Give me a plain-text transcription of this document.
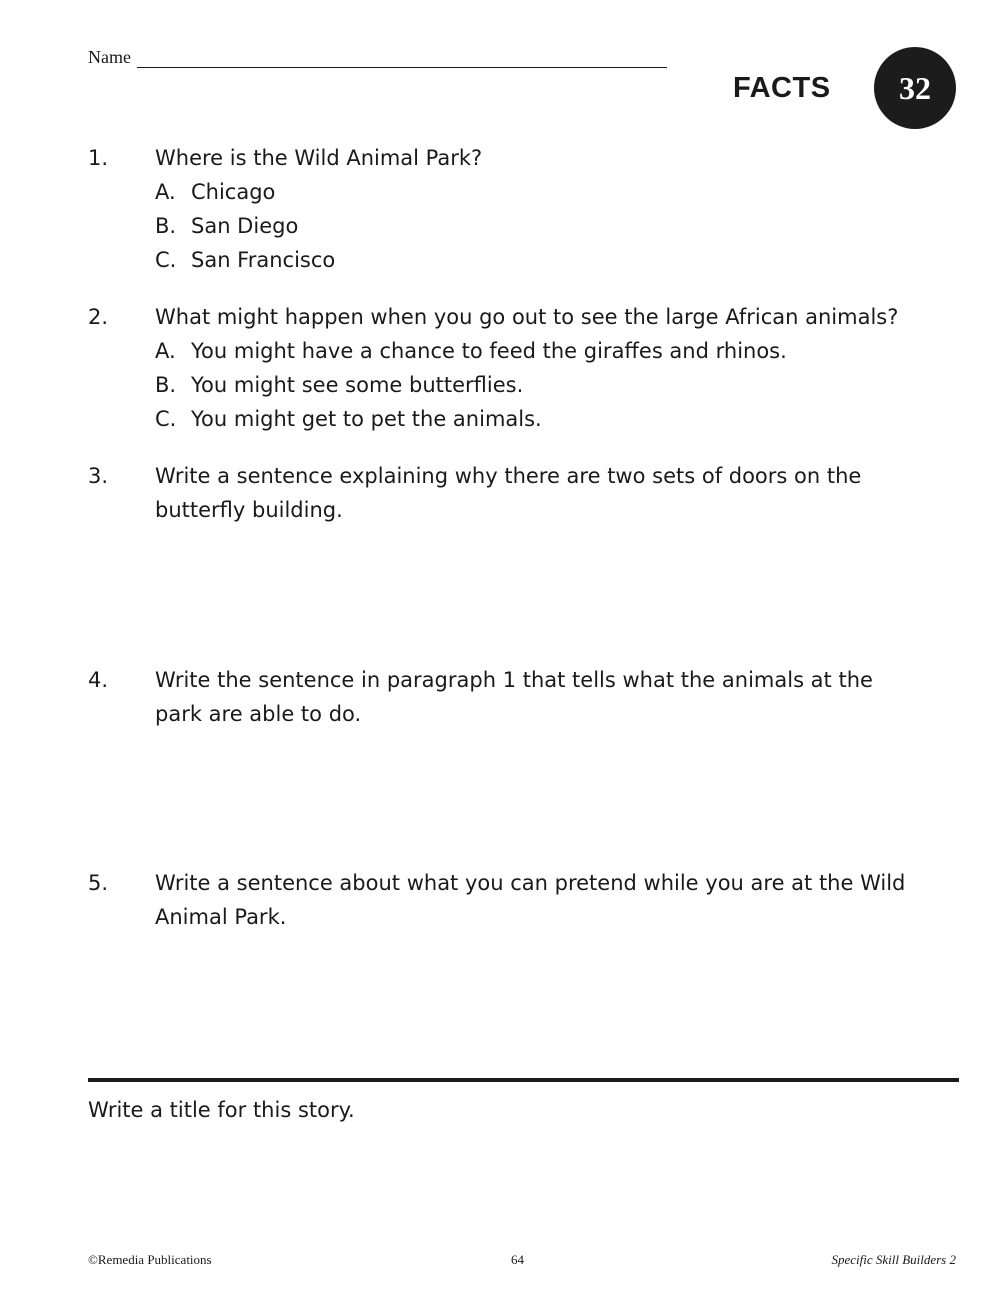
Name
FACTS	32
1. Where is the Wild Animal Park?
A. Chicago
B. San Diego
C. San Francisco
2. What might happen when you go out to see the large African animals?
A. You might have a chance to feed the giraffes and rhinos.
B. You might see some butterflies.
C. You might get to pet the animals.
3. Write a sentence explaining why there are two sets of doors on the
butterfly building.
4. Write the sentence in paragraph 1 that tells what the animals at the
park are able to do.
5. Write a sentence about what you can pretend while you are at the Wild
Animal Park.
Write a title for this story.
©Remedia Publications	64	Specific Skill Builders 2
